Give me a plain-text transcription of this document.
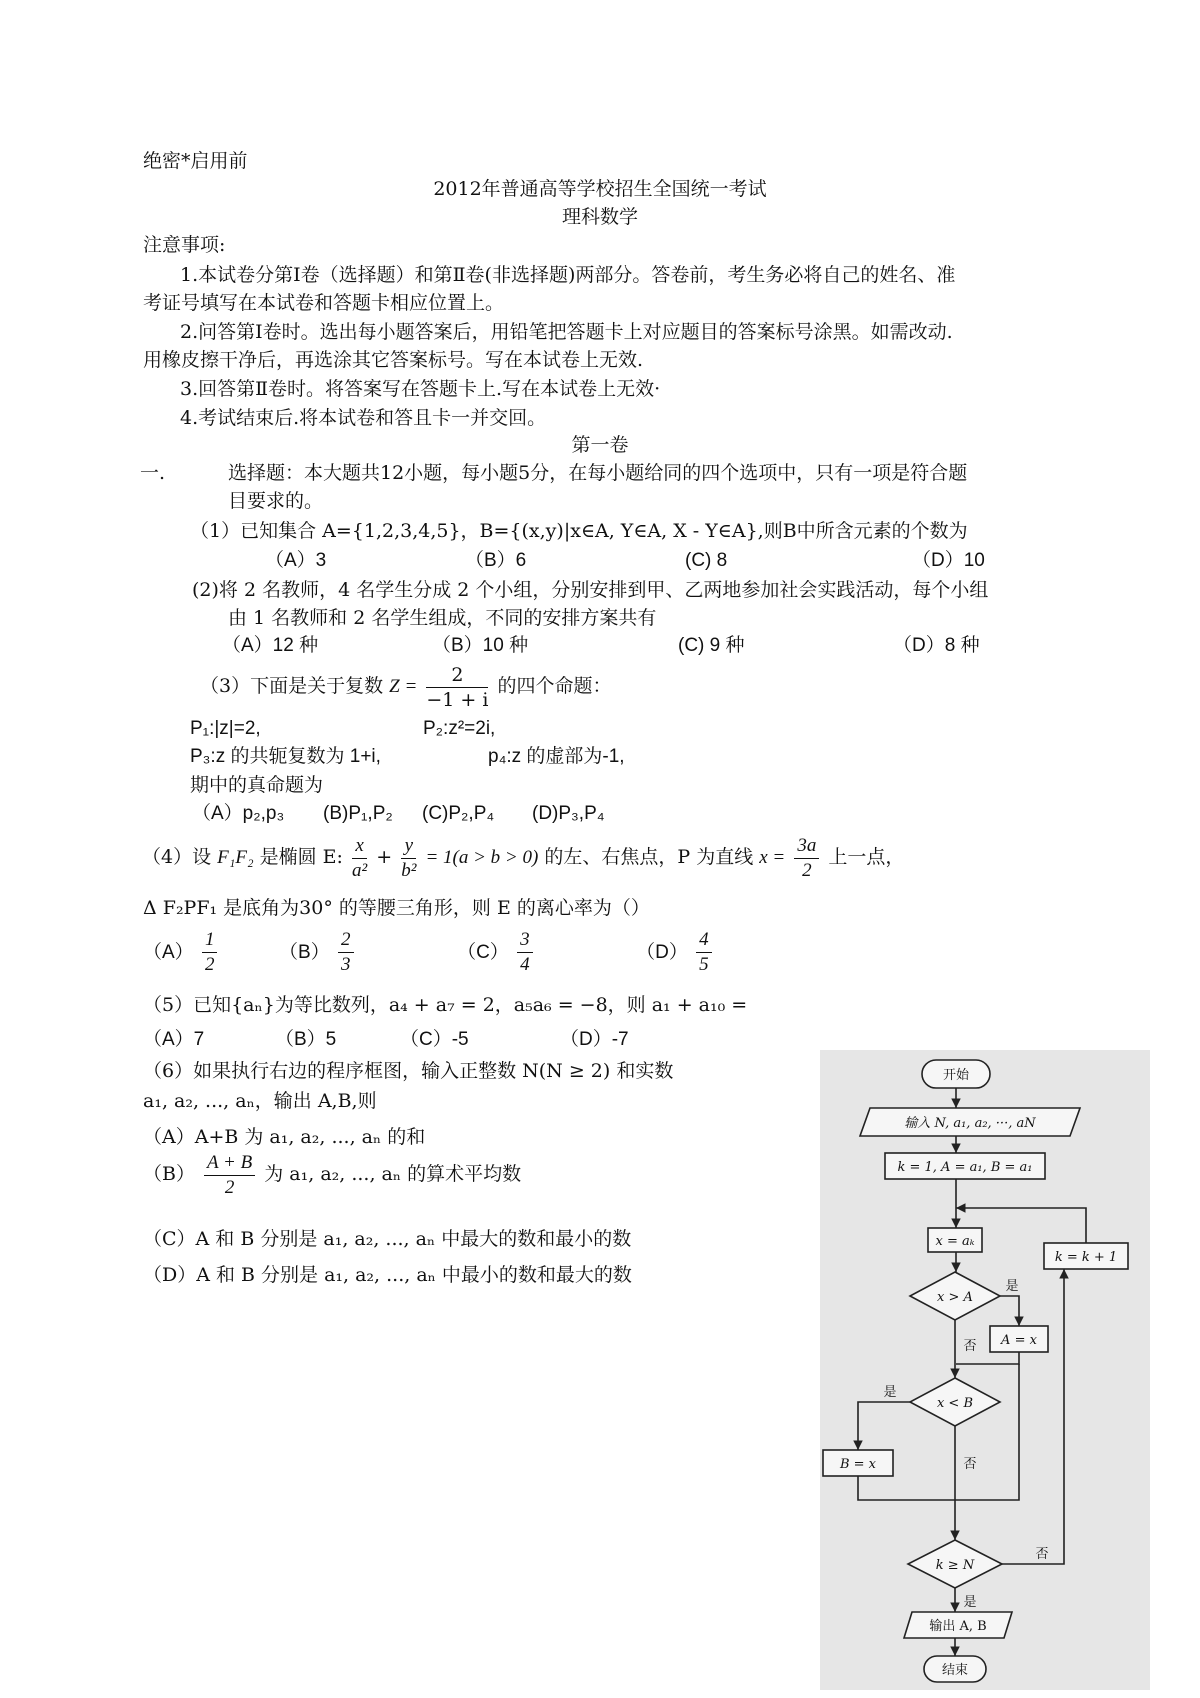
绝密*启用前
2012年普通高等学校招生全国统一考试
理科数学
注意事项:
1.本试卷分第Ⅰ卷（选择题）和第Ⅱ卷(非选择题)两部分。答卷前，考生务必将自己的姓名、准
考证号填写在本试卷和答题卡相应位置上。
2.问答第Ⅰ卷时。选出每小题答案后，用铅笔把答题卡上对应题目的答案标号涂黑。如需改动.
用橡皮擦干净后，再选涂其它答案标号。写在本试卷上无效.
3.回答第Ⅱ卷时。将答案写在答题卡上.写在本试卷上无效·
4.考试结束后.将本试卷和答且卡一并交回。
第一卷
一.	选择题：本大题共12小题，每小题5分，在每小题给同的四个选项中，只有一项是符合题
目要求的。
（1）已知集合 A={1,2,3,4,5}，B={(x,y)|x∈A, Y∈A, X - Y∈A},则B中所含元素的个数为
（A）3	（B）6	(C) 8	（D）10
(2)将 2 名教师，4 名学生分成 2 个小组，分别安排到甲、乙两地参加社会实践活动，每个小组
由 1 名教师和 2 名学生组成，不同的安排方案共有
（A）12 种	（B）10 种	(C) 9 种	（D）8 种
（3）下面是关于复数 $Z = \frac{2}{-1 + i}$ 的四个命题：
P₁:|z|=2,	P₂:z²=2i,
P₃:z 的共轭复数为 1+i,	p₄:z 的虚部为-1,
期中的真命题为
（A）p₂,p₃ (B)P₁,P₂ (C)P₂,P₄ (D)P₃,P₄
（4）设 F₁F₂ 是椭圆 E: $\frac{x}{\text{a²}} + \frac{y}{\text{b²}} = 1(a > b > 0)$ 的左、右焦点，P 为直线 $x = \frac{3a}{2}$ 上一点，
Δ F₂PF₁ 是底角为30° 的等腰三角形，则 E 的离心率为（）
$(A) \frac{1}{2}$	$(B) \frac{2}{3}$	$(C) \frac{3}{4}$	$(D) \frac{4}{5}$
（5）已知{aₙ}为等比数列，a₄ + a₇ = 2，a₅a₆ = −8，则 a₁ + a₁₀ =
（A）7	（B）5	（C）-5	（D）-7
（6）如果执行右边的程序框图，输入正整数 N(N ≥ 2) 和实数
a₁, a₂, ..., aₙ，输出 A,B,则
（A）A+B 为 a₁, a₂, ..., aₙ 的和
$(B) \frac{A + B}{2}$ 为 a₁, a₂, ..., aₙ 的算术平均数
（C）A 和 B 分别是 a₁, a₂, ..., aₙ 中最大的数和最小的数
（D）A 和 B 分别是 a₁, a₂, ..., aₙ 中最小的数和最大的数
开始
输入 N, a₁, a₂, ···, aN
k = 1, A = a₁, B = a₁
x = aₖ
k = k + 1
x > A
是
A = x
否
x < B
是
B = x	否
k ≥ N
否
是
输出 A, B
结束
